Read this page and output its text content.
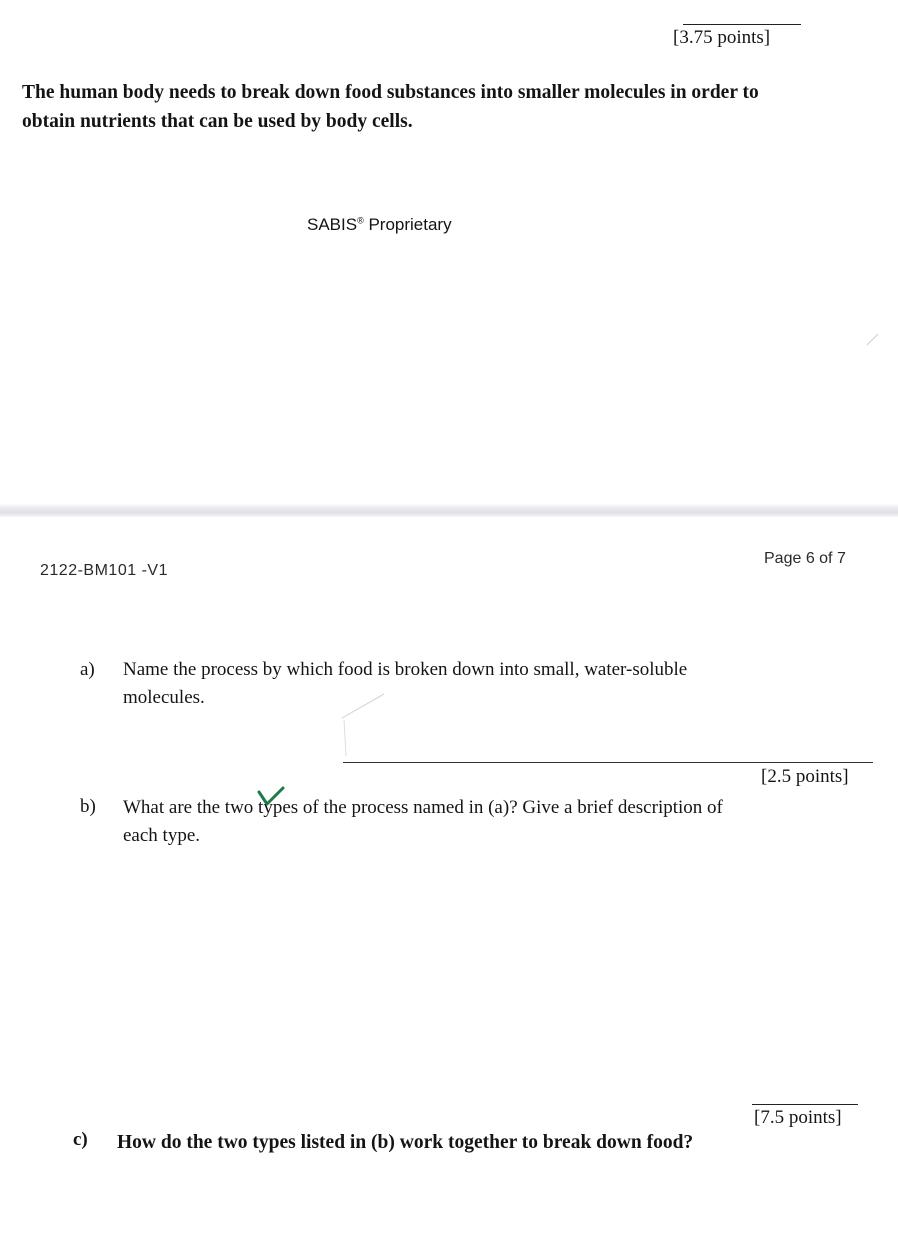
[3.75 points]
The human body needs to break down food substances into smaller molecules in order to
obtain nutrients that can be used by body cells.
SABIS® Proprietary
2122-BM101 -V1
Page 6 of 7
a) Name the process by which food is broken down into small, water-soluble
molecules.
[2.5 points]
b) What are the two types of the process named in (a)? Give a brief description of
each type.
[7.5 points]
c) How do the two types listed in (b) work together to break down food?
